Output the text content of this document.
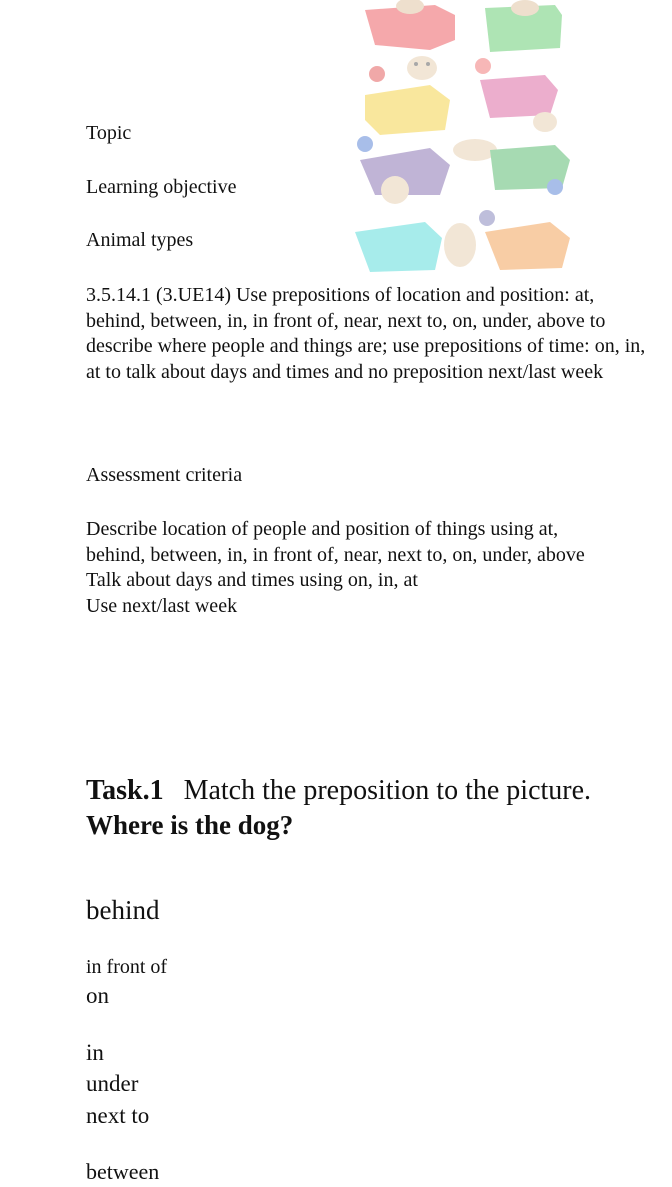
Topic
Learning objective
Animal types
3.5.14.1 (3.UE14) Use prepositions of location and position: at, behind, between, in, in front of, near, next to, on, under, above to describe where people and things are; use prepositions of time: on, in, at to talk about days and times and no preposition next/last week
Assessment criteria
Describe location of people and position of things using at,
behind, between, in, in front of, near, next to, on, under, above
Talk about days and times using on, in, at
Use next/last week
Task.1 Match the preposition to the picture.
Where is the dog?
behind
in front of
on
in
under
next to
between
